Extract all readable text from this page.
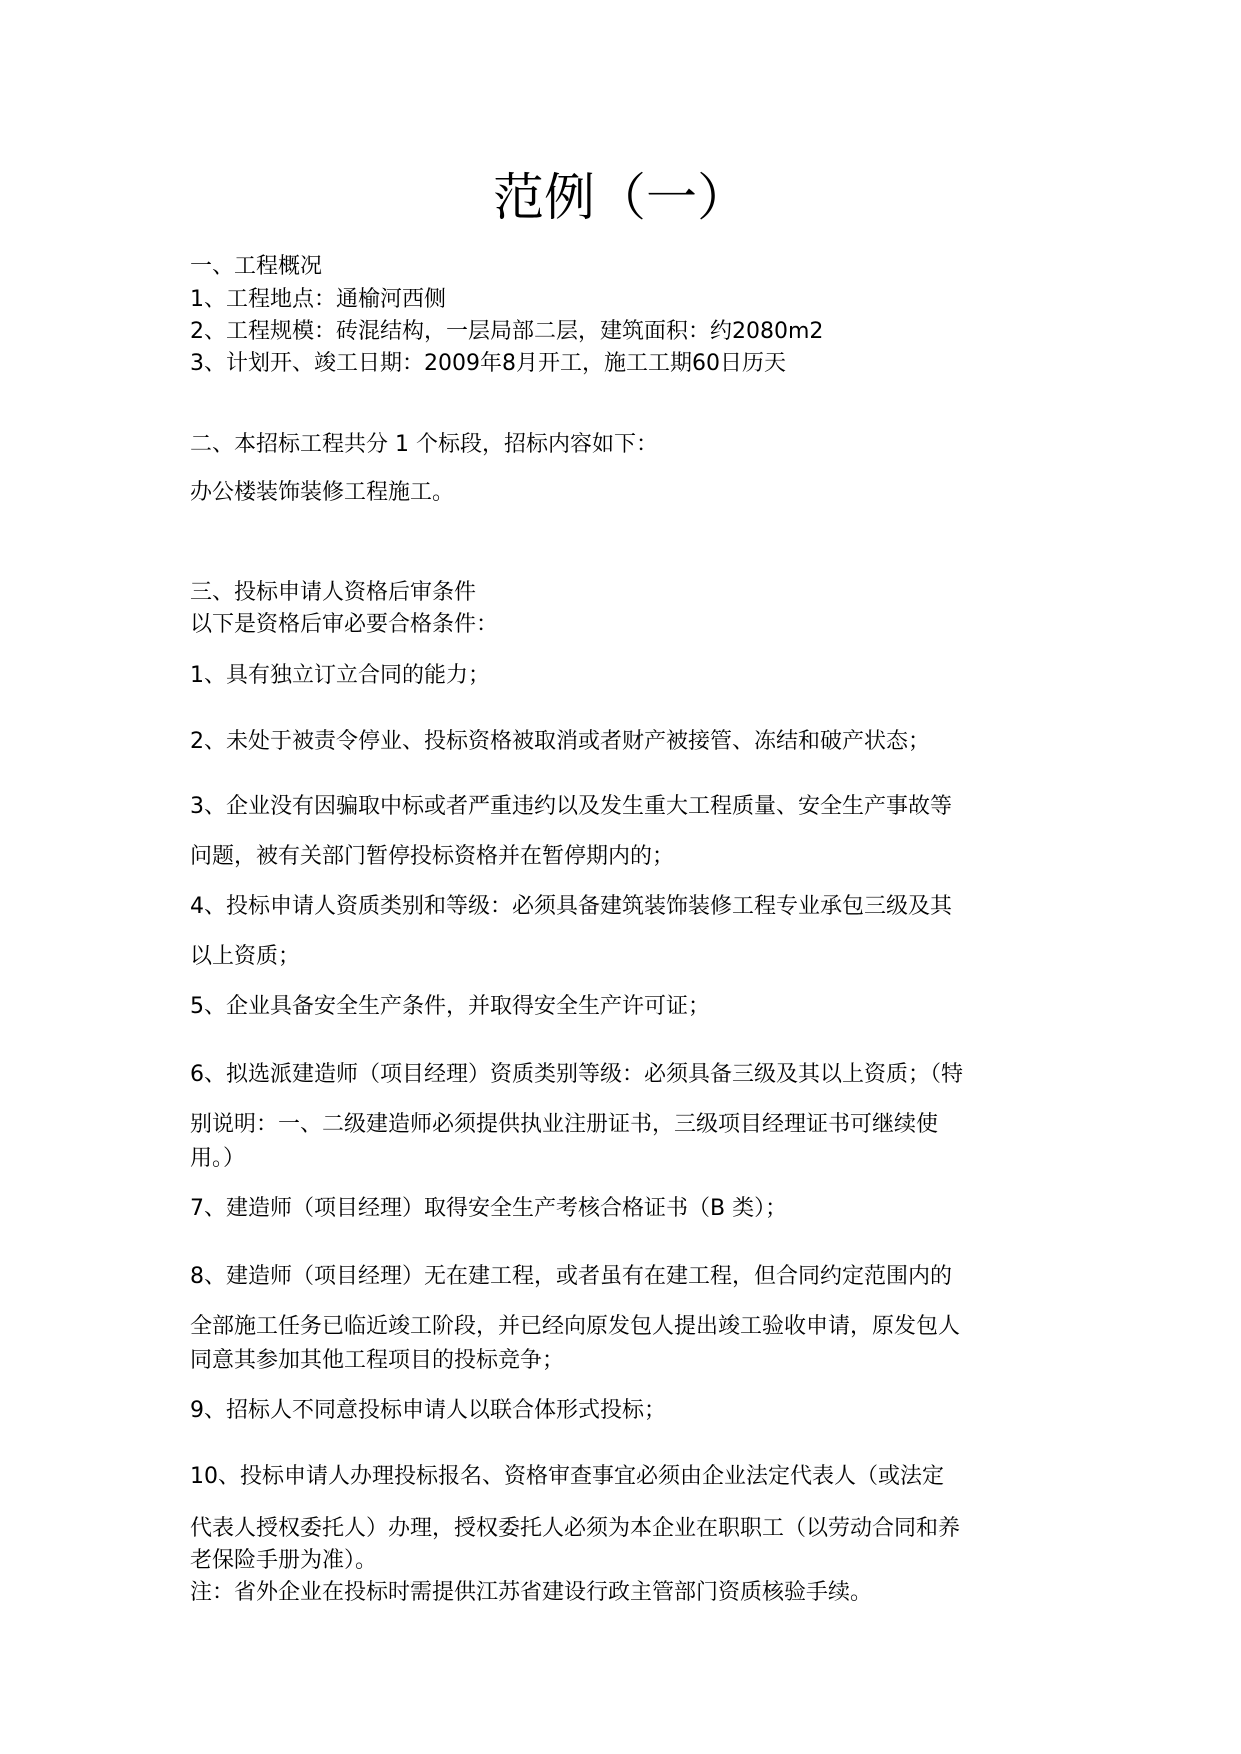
范例（一）
一、工程概况
1、工程地点：通榆河西侧
2、工程规模：砖混结构，一层局部二层，建筑面积：约2080m2
3、计划开、竣工日期：2009年8月开工，施工工期60日历天
二、本招标工程共分 1 个标段，招标内容如下：
办公楼装饰装修工程施工。
三、投标申请人资格后审条件
以下是资格后审必要合格条件：
1、具有独立订立合同的能力；
2、未处于被责令停业、投标资格被取消或者财产被接管、冻结和破产状态；
3、企业没有因骗取中标或者严重违约以及发生重大工程质量、安全生产事故等
问题，被有关部门暂停投标资格并在暂停期内的；
4、投标申请人资质类别和等级：必须具备建筑装饰装修工程专业承包三级及其
以上资质；
5、企业具备安全生产条件，并取得安全生产许可证；
6、拟选派建造师（项目经理）资质类别等级：必须具备三级及其以上资质；（特
别说明：一、二级建造师必须提供执业注册证书，三级项目经理证书可继续使
用。）
7、建造师（项目经理）取得安全生产考核合格证书（B 类）；
8、建造师（项目经理）无在建工程，或者虽有在建工程，但合同约定范围内的
全部施工任务已临近竣工阶段，并已经向原发包人提出竣工验收申请，原发包人
同意其参加其他工程项目的投标竞争；
9、招标人不同意投标申请人以联合体形式投标；
10、投标申请人办理投标报名、资格审查事宜必须由企业法定代表人（或法定
代表人授权委托人）办理，授权委托人必须为本企业在职职工（以劳动合同和养
老保险手册为准）。
注：省外企业在投标时需提供江苏省建设行政主管部门资质核验手续。
